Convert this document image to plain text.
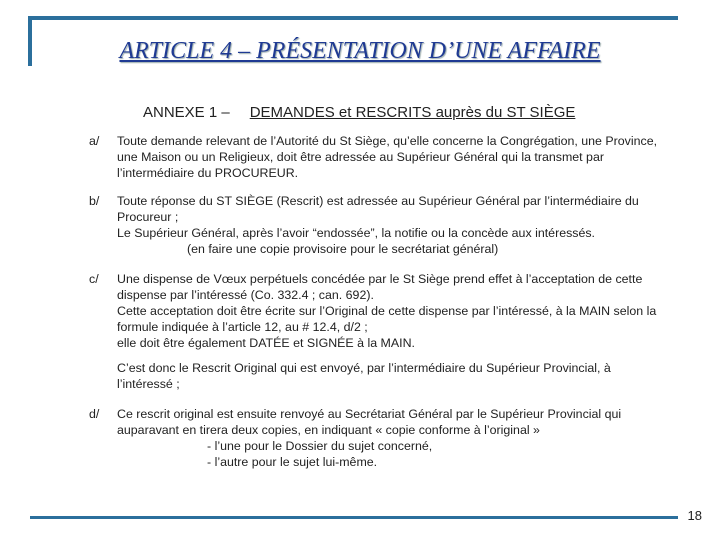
ARTICLE 4 – PRÉSENTATION D’UNE AFFAIRE
ANNEXE 1 – DEMANDES et RESCRITS auprès du ST SIÈGE
a/ Toute demande relevant de l’Autorité du St Siège, qu’elle concerne la Congrégation, une Province,
une Maison ou un Religieux, doit être adressée au Supérieur Général qui la transmet par
l’intermédiaire du PROCUREUR.
b/ Toute réponse du ST SIÈGE (Rescrit) est adressée au Supérieur Général par l’intermédiaire du
Procureur ;
Le Supérieur Général, après l’avoir “endossée”, la notifie ou la concède aux intéressés.
(en faire une copie provisoire pour le secrétariat général)
c/ Une dispense de Vœux perpétuels concédée par le St Siège prend effet à l’acceptation de cette
dispense par l’intéressé (Co. 332.4 ; can. 692).
Cette acceptation doit être écrite sur l’Original de cette dispense par l’intéressé, à la MAIN selon la
formule indiquée à l’article 12, au # 12.4, d/2 ;
elle doit être également DATÉE et SIGNÉE à la MAIN.
C’est donc le Rescrit Original qui est envoyé, par l’intermédiaire du Supérieur Provincial, à
l’intéressé ;
d/ Ce rescrit original est ensuite renvoyé au Secrétariat Général par le Supérieur Provincial qui
auparavant en tirera deux copies, en indiquant « copie conforme à l’original »
- l’une pour le Dossier du sujet concerné,
- l’autre pour le sujet lui-même.
18
